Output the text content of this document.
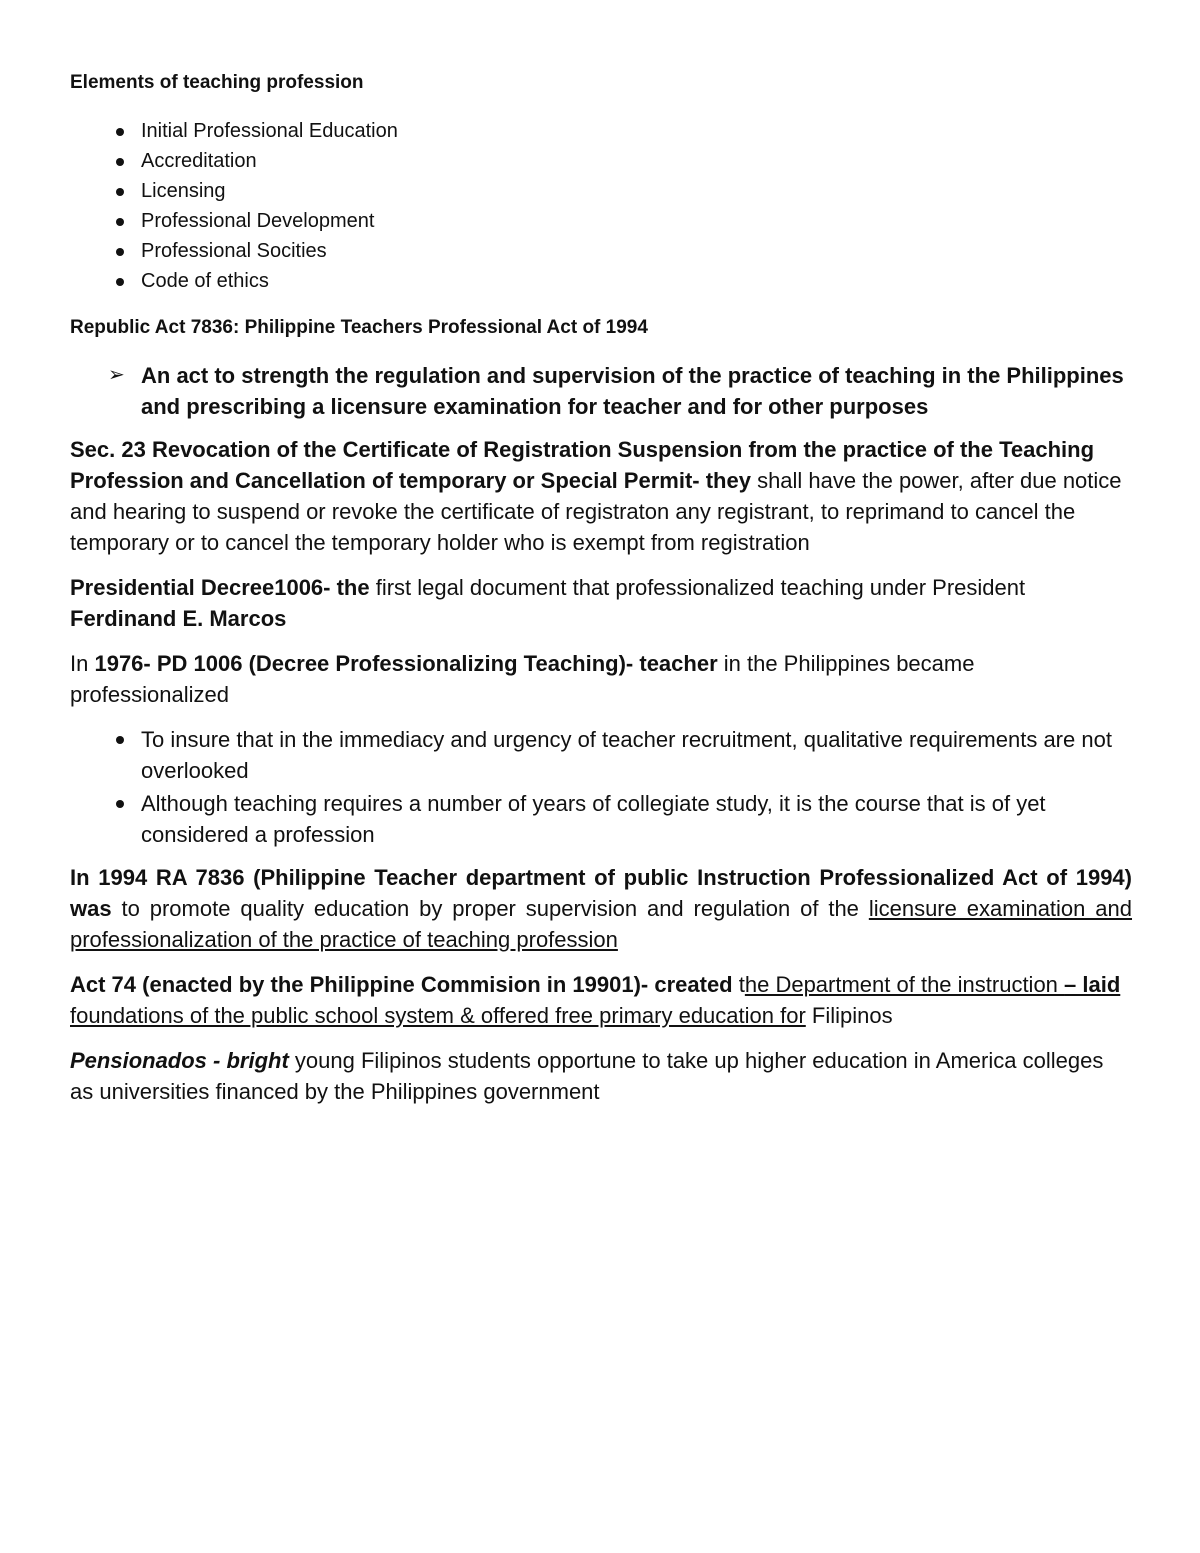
Elements of teaching profession

Initial Professional Education
Accreditation
Licensing
Professional Development
Professional Socities
Code of ethics

Republic Act 7836: Philippine Teachers Professional Act of 1994

➢ An act to strength the regulation and supervision of the practice of teaching in the Philippines and prescribing a licensure examination for teacher and for other purposes

Sec. 23 Revocation of the Certificate of Registration Suspension from the practice of the Teaching Profession and Cancellation of temporary or Special Permit- they shall have the power, after due notice and hearing to suspend or revoke the certificate of registraton any registrant, to reprimand to cancel the temporary or to cancel the temporary holder who is exempt from registration

Presidential Decree1006- the first legal document that professionalized teaching under President Ferdinand E. Marcos

In 1976- PD 1006 (Decree Professionalizing Teaching)- teacher in the Philippines became professionalized

To insure that in the immediacy and urgency of teacher recruitment, qualitative requirements are not overlooked
Although teaching requires a number of years of collegiate study, it is the course that is of yet considered a profession

In 1994 RA 7836 (Philippine Teacher department of public Instruction Professionalized Act of 1994) was to promote quality education by proper supervision and regulation of the licensure examination and professionalization of the practice of teaching profession

Act 74 (enacted by the Philippine Commision in 19901)- created the Department of the instruction – laid foundations of the public school system & offered free primary education for Filipinos

Pensionados - bright young Filipinos students opportune to take up higher education in America colleges as universities financed by the Philippines government
